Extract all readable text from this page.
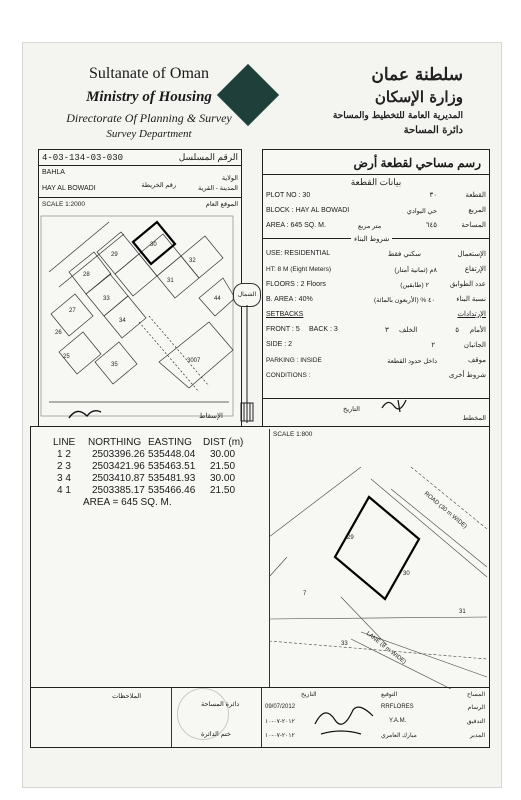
Sultanate of Oman
Ministry of Housing
Directorate Of Planning & Survey
Survey Department
سلطنة عمان
وزارة الإسكان
المديرية العامة للتخطيط والمساحة
دائرة المساحة
4-03-134-03-030	الرقم المسلسل
الولاية
رقم الخريطة
BAHLA
HAY AL BOWADI	المدينة - القرية
SCALE 1:2000	الموقع العام
28
29
30
31
32
27
33
34
44
25
26
35
3007
الإسقاط
الشمال
رسم مساحي لقطعة أرض
بيانات القطعة
PLOT NO : 30	٣٠	القطعة
BLOCK : HAY AL BOWADI	حي البوادي	المربع
AREA : 645 SQ. M.	متر مربع	٦٤٥	المساحة
شروط البناء
USE: RESIDENTIAL	سكني فقط	الإستعمال
HT: 8 M (Eight Meters)	٨م (ثمانية أمتار)	الإرتفاع
FLOORS : 2 Floors	٢ (طابقين)	عدد الطوابق
B. AREA : 40%	٤٠ % (الأربعون بالمائة)	نسبة البناء
SETBACKS	الإرتدادات
FRONT : 5 BACK : 3	٣ الخلف	٥ الأمام
SIDE : 2	٢	الجانبان
PARKING : INSIDE	داخل حدود القطعة	موقف
CONDITIONS :	شروط أخرى
التاريخ
المخطط
LINE	NORTHING EASTING	DIST (m)
1 2	2503396.26 535448.04	30.00
2 3	2503421.96 535463.51	21.50
3 4	2503410.87 535481.93	30.00
4 1	2503385.17 535466.46	21.50
AREA = 645 SQ. M.
SCALE 1:800
ROAD (30 m WIDE)
LANE (8 m WIDE)
29
30
31
33
7
الملاحظات
دائرة المساحة
ختم الدائرة
التاريخ	التوقيع	المساح
09/07/2012	RRFLORES	الرسام
٢٠١٢-٠٧-١٠	Y.A.M.	التدقيق
٢٠١٢-٠٧-١٠	مبارك العامري	المدير
